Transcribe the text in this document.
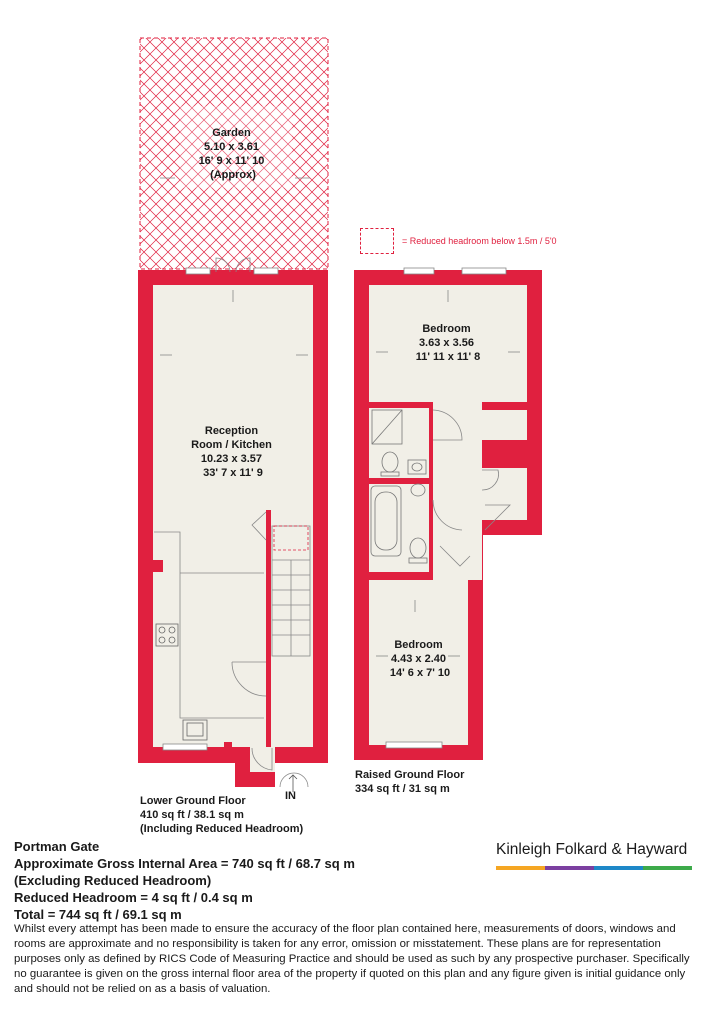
Garden 5.10 x 3.61 16' 9 x 11' 10 (Approx)
Reception Room / Kitchen 10.23 x 3.57 33' 7 x 11' 9
Bedroom 3.63 x 3.56 11' 11 x 11' 8
Bedroom 4.43 x 2.40 14' 6 x 7' 10
= Reduced headroom below 1.5m / 5'0
IN
Lower Ground Floor
410 sq ft / 38.1 sq m
(Including Reduced Headroom)
Raised Ground Floor
334 sq ft / 31 sq m
Portman Gate
Approximate Gross Internal Area = 740 sq ft / 68.7 sq m
(Excluding Reduced Headroom)
Reduced Headroom = 4 sq ft / 0.4 sq m
Total = 744 sq ft / 69.1 sq m
Kinleigh Folkard & Hayward
Whilst every attempt has been made to ensure the accuracy of the floor plan contained here, measurements of doors, windows and rooms are approximate and no responsibility is taken for any error, omission or misstatement. These plans are for representation purposes only as defined by RICS Code of Measuring Practice and should be used as such by any prospective purchaser. Specifically no guarantee is given on the gross internal floor area of the property if quoted on this plan and any figure given is initial guidance only and should not be relied on as a basis of valuation.
